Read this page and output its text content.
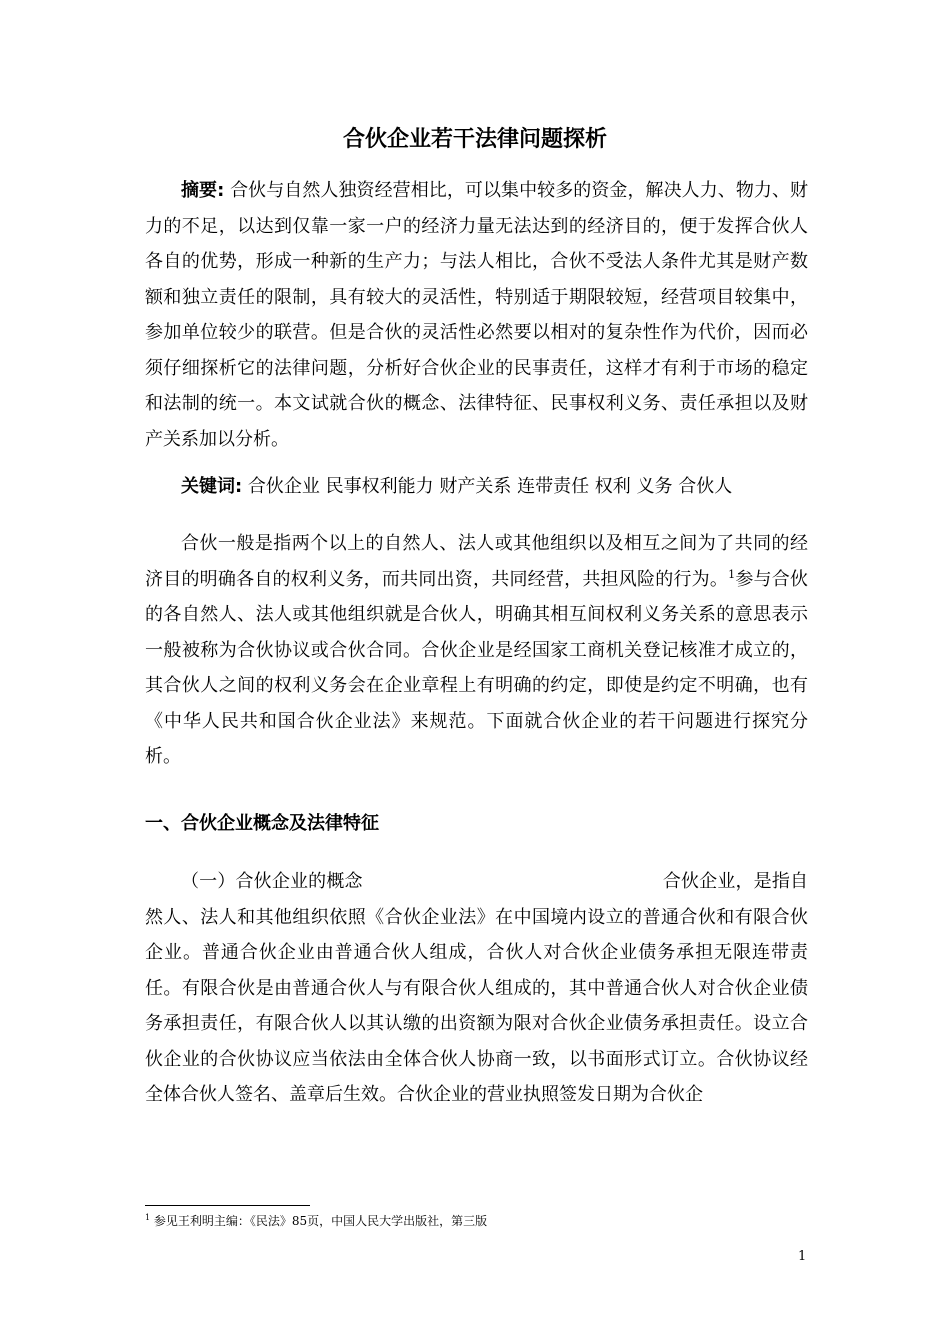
合伙企业若干法律问题探析
摘要: 合伙与自然人独资经营相比，可以集中较多的资金，解决人力、物力、财力的不足，以达到仅靠一家一户的经济力量无法达到的经济目的，便于发挥合伙人各自的优势，形成一种新的生产力；与法人相比，合伙不受法人条件尤其是财产数额和独立责任的限制，具有较大的灵活性，特别适于期限较短，经营项目较集中，参加单位较少的联营。但是合伙的灵活性必然要以相对的复杂性作为代价，因而必须仔细探析它的法律问题，分析好合伙企业的民事责任，这样才有利于市场的稳定和法制的统一。本文试就合伙的概念、法律特征、民事权利义务、责任承担以及财产关系加以分析。
关键词: 合伙企业 民事权利能力 财产关系 连带责任 权利 义务 合伙人
合伙一般是指两个以上的自然人、法人或其他组织以及相互之间为了共同的经济目的明确各自的权利义务，而共同出资，共同经营，共担风险的行为。$^1$参与合伙的各自然人、法人或其他组织就是合伙人，明确其相互间权利义务关系的意思表示一般被称为合伙协议或合伙合同。合伙企业是经国家工商机关登记核准才成立的，其合伙人之间的权利义务会在企业章程上有明确的约定，即使是约定不明确，也有《中华人民共和国合伙企业法》来规范。下面就合伙企业的若干问题进行探究分析。
一、合伙企业概念及法律特征
（一）合伙企业的概念	合伙企业，是指自然人、法人和其他组织依照《合伙企业法》在中国境内设立的普通合伙和有限合伙企业。普通合伙企业由普通合伙人组成，合伙人对合伙企业债务承担无限连带责任。有限合伙是由普通合伙人与有限合伙人组成的，其中普通合伙人对合伙企业债务承担责任，有限合伙人以其认缴的出资额为限对合伙企业债务承担责任。设立合伙企业的合伙协议应当依法由全体合伙人协商一致，以书面形式订立。合伙协议经全体合伙人签名、盖章后生效。合伙企业的营业执照签发日期为合伙企
$^1$ 参见王利明主编：《民法》85页，中国人民大学出版社，第三版
1
